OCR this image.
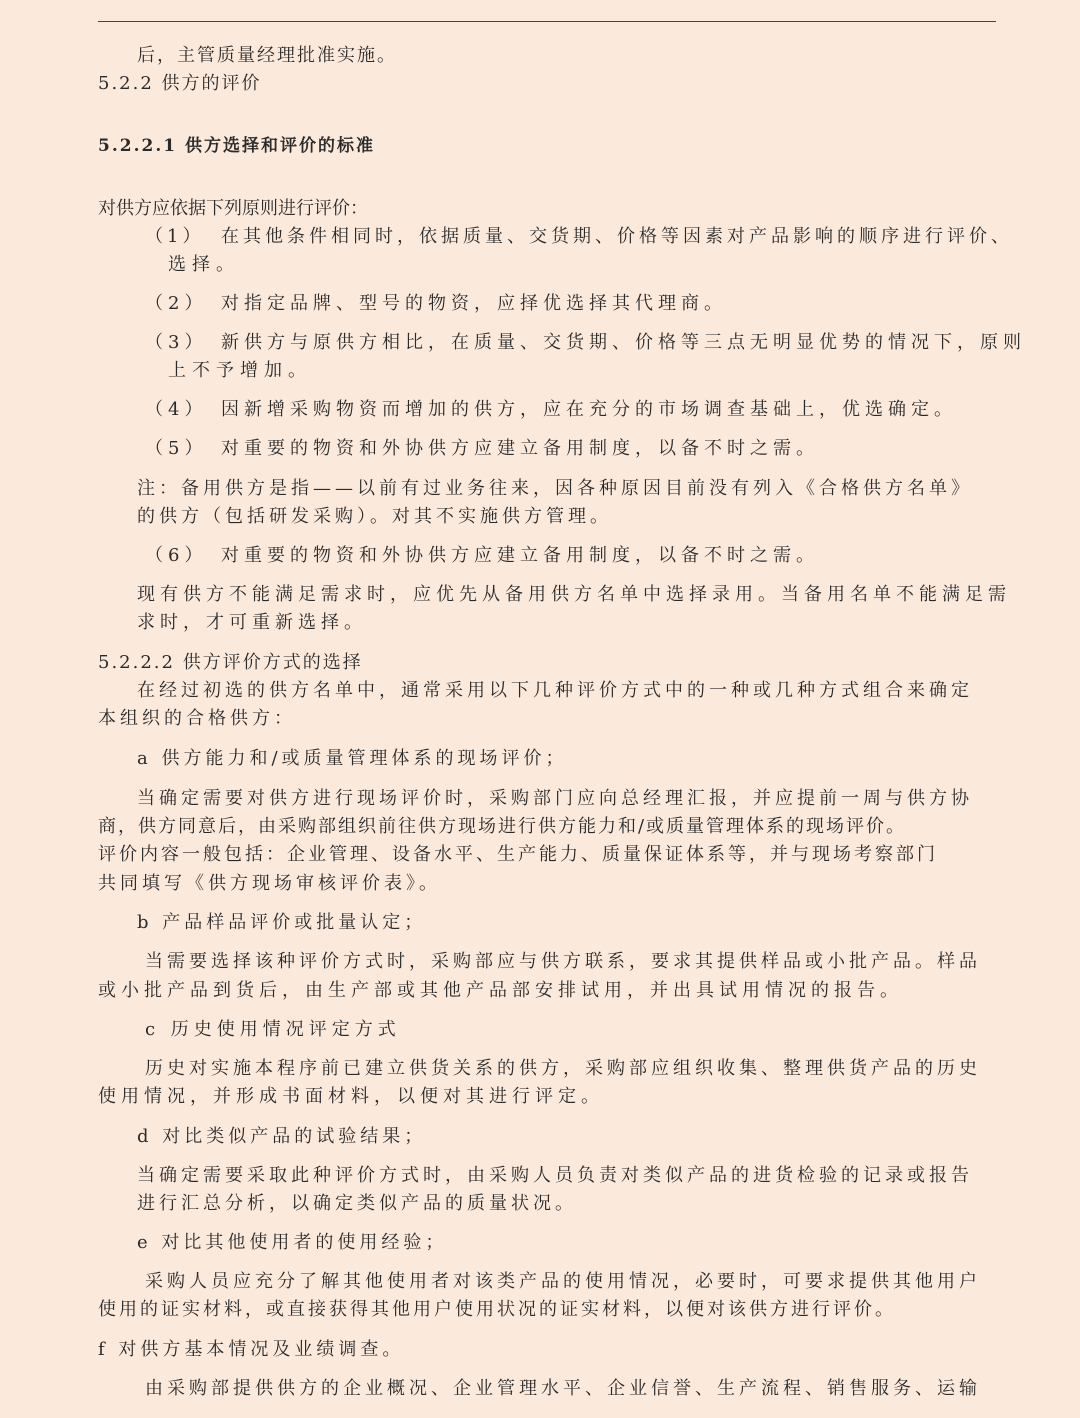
后，主管质量经理批准实施。

5.2.2 供方的评价

5.2.2.1 供方选择和评价的标准

对供方应依据下列原则进行评价：

（1） 在其他条件相同时，依据质量、交货期、价格等因素对产品影响的顺序进行评价、

选择。

（2） 对指定品牌、型号的物资，应择优选择其代理商。

（3） 新供方与原供方相比，在质量、交货期、价格等三点无明显优势的情况下，原则

上不予增加。

（4） 因新增采购物资而增加的供方，应在充分的市场调查基础上，优选确定。

（5） 对重要的物资和外协供方应建立备用制度，以备不时之需。

注：备用供方是指——以前有过业务往来，因各种原因目前没有列入《合格供方名单》

的供方（包括研发采购）。对其不实施供方管理。

（6） 对重要的物资和外协供方应建立备用制度，以备不时之需。

现有供方不能满足需求时，应优先从备用供方名单中选择录用。当备用名单不能满足需

求时，才可重新选择。

5.2.2.2 供方评价方式的选择

在经过初选的供方名单中，通常采用以下几种评价方式中的一种或几种方式组合来确定

本组织的合格供方：

a 供方能力和/或质量管理体系的现场评价；

当确定需要对供方进行现场评价时，采购部门应向总经理汇报，并应提前一周与供方协

商，供方同意后，由采购部组织前往供方现场进行供方能力和/或质量管理体系的现场评价。

评价内容一般包括：企业管理、设备水平、生产能力、质量保证体系等，并与现场考察部门

共同填写《供方现场审核评价表》。

b 产品样品评价或批量认定；

当需要选择该种评价方式时，采购部应与供方联系，要求其提供样品或小批产品。样品

或小批产品到货后，由生产部或其他产品部安排试用，并出具试用情况的报告。

c 历史使用情况评定方式

历史对实施本程序前已建立供货关系的供方，采购部应组织收集、整理供货产品的历史

使用情况，并形成书面材料，以便对其进行评定。

d 对比类似产品的试验结果；

当确定需要采取此种评价方式时，由采购人员负责对类似产品的进货检验的记录或报告

进行汇总分析，以确定类似产品的质量状况。

e 对比其他使用者的使用经验；

采购人员应充分了解其他使用者对该类产品的使用情况，必要时，可要求提供其他用户

使用的证实材料，或直接获得其他用户使用状况的证实材料，以便对该供方进行评价。

f 对供方基本情况及业绩调查。

由采购部提供供方的企业概况、企业管理水平、企业信誉、生产流程、销售服务、运输
